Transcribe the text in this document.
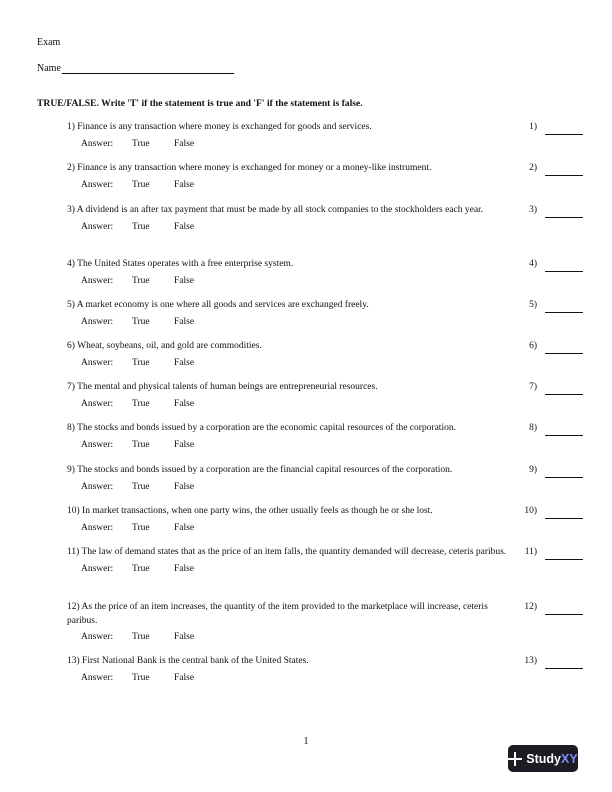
Exam
Name
TRUE/FALSE. Write 'T' if the statement is true and 'F' if the statement is false.
1) Finance is any transaction where money is exchanged for goods and services.
Answer:	True	False
1)
2) Finance is any transaction where money is exchanged for money or a money-like instrument.
Answer:	True	False
2)
3) A dividend is an after tax payment that must be made by all stock companies to the stockholders each year.
Answer:	True	False
3)
4) The United States operates with a free enterprise system.
Answer:	True	False
4)
5) A market economy is one where all goods and services are exchanged freely.
Answer:	True	False
5)
6) Wheat, soybeans, oil, and gold are commodities.
Answer:	True	False
6)
7) The mental and physical talents of human beings are entrepreneurial resources.
Answer:	True	False
7)
8) The stocks and bonds issued by a corporation are the economic capital resources of the corporation.
Answer:	True	False
8)
9) The stocks and bonds issued by a corporation are the financial capital resources of the corporation.
Answer:	True	False
9)
10) In market transactions, when one party wins, the other usually feels as though he or she lost.
Answer:	True	False
10)
11) The law of demand states that as the price of an item falls, the quantity demanded will decrease, ceteris paribus.
Answer:	True	False
11)
12) As the price of an item increases, the quantity of the item provided to the marketplace will increase, ceteris paribus.
Answer:	True	False
12)
13) First National Bank is the central bank of the United States.
Answer:	True	False
13)
1
Study XY
